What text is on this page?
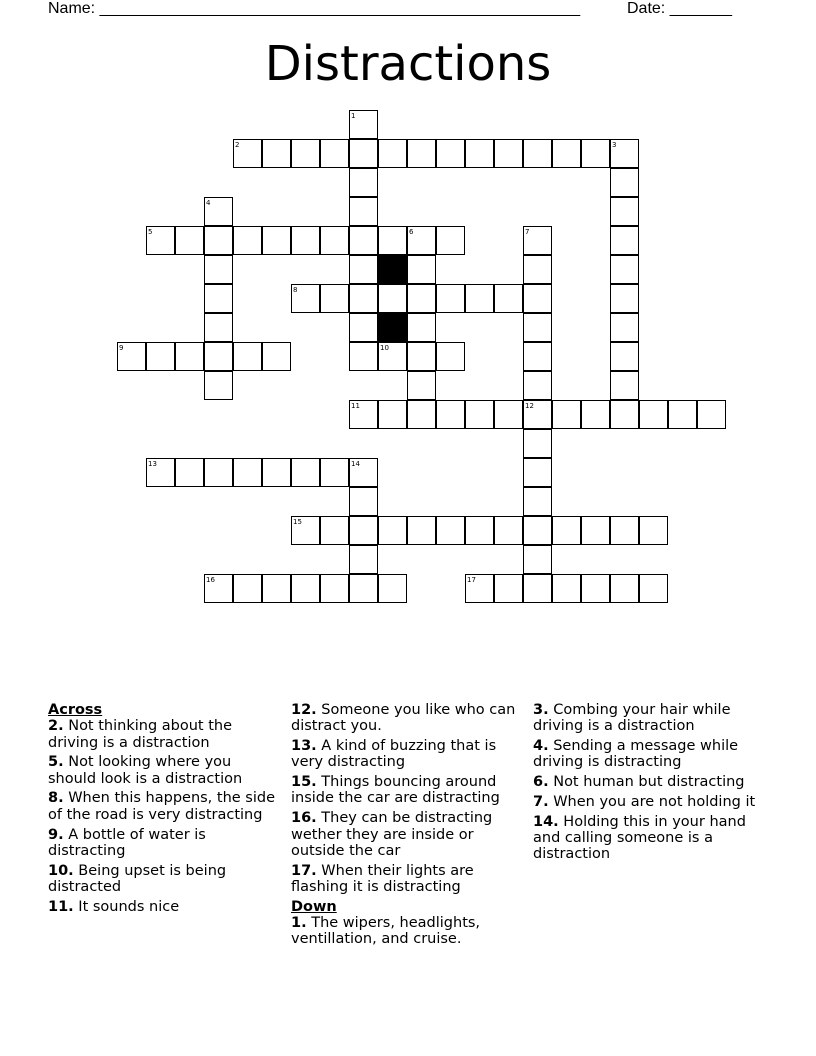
Name: ______________________________________________________	Date: _______
Distractions
2	3
5	6
8
9	10
11	12
13
15
16	17
1
4
7
14
Across
2. Not thinking about the driving is a distraction
5. Not looking where you should look is a distraction
8. When this happens, the side of the road is very distracting
9. A bottle of water is distracting
10. Being upset is being distracted
11. It sounds nice
12. Someone you like who can distract you.
13. A kind of buzzing that is very distracting
15. Things bouncing around inside the car are distracting
16. They can be distracting wether they are inside or outside the car
17. When their lights are flashing it is distracting
Down
1. The wipers, headlights, ventillation, and cruise.
3. Combing your hair while driving is a distraction
4. Sending a message while driving is distracting
6. Not human but distracting
7. When you are not holding it
14. Holding this in your hand and calling someone is a distraction
